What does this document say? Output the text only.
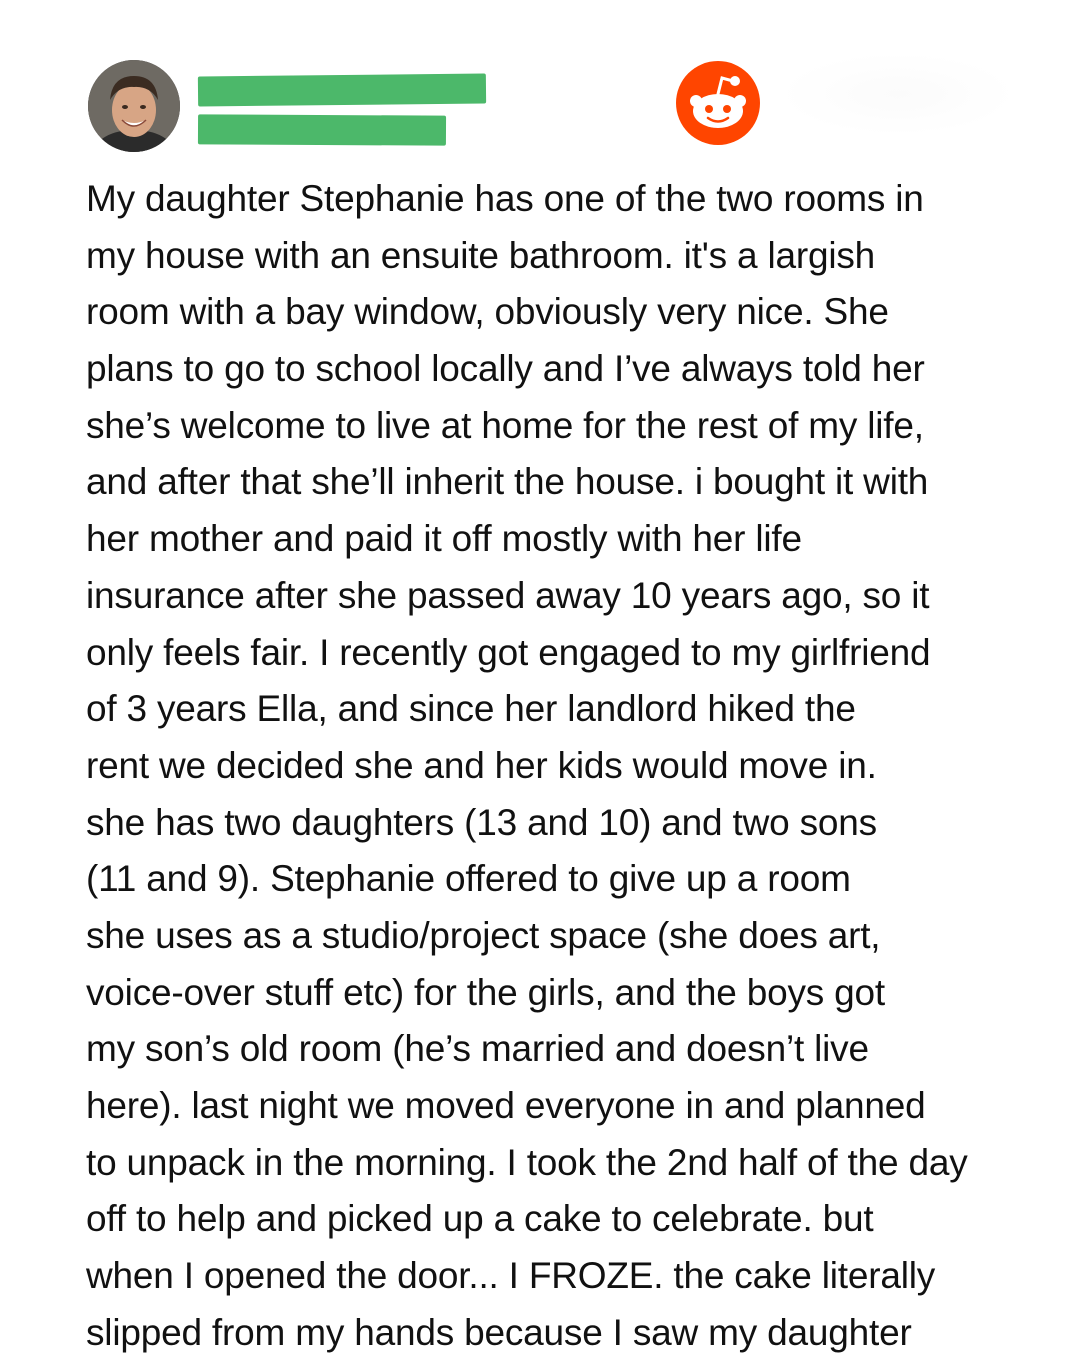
My daughter Stephanie has one of the two rooms in
my house with an ensuite bathroom. it's a largish
room with a bay window, obviously very nice. She
plans to go to school locally and I’ve always told her
she’s welcome to live at home for the rest of my life,
and after that she’ll inherit the house. i bought it with
her mother and paid it off mostly with her life
insurance after she passed away 10 years ago, so it
only feels fair. I recently got engaged to my girlfriend
of 3 years Ella, and since her landlord hiked the
rent we decided she and her kids would move in.
she has two daughters (13 and 10) and two sons
(11 and 9). Stephanie offered to give up a room
she uses as a studio/project space (she does art,
voice-over stuff etc) for the girls, and the boys got
my son’s old room (he’s married and doesn’t live
here). last night we moved everyone in and planned
to unpack in the morning. I took the 2nd half of the day
off to help and picked up a cake to celebrate. but
when I opened the door... I FROZE. the cake literally
slipped from my hands because I saw my daughter
